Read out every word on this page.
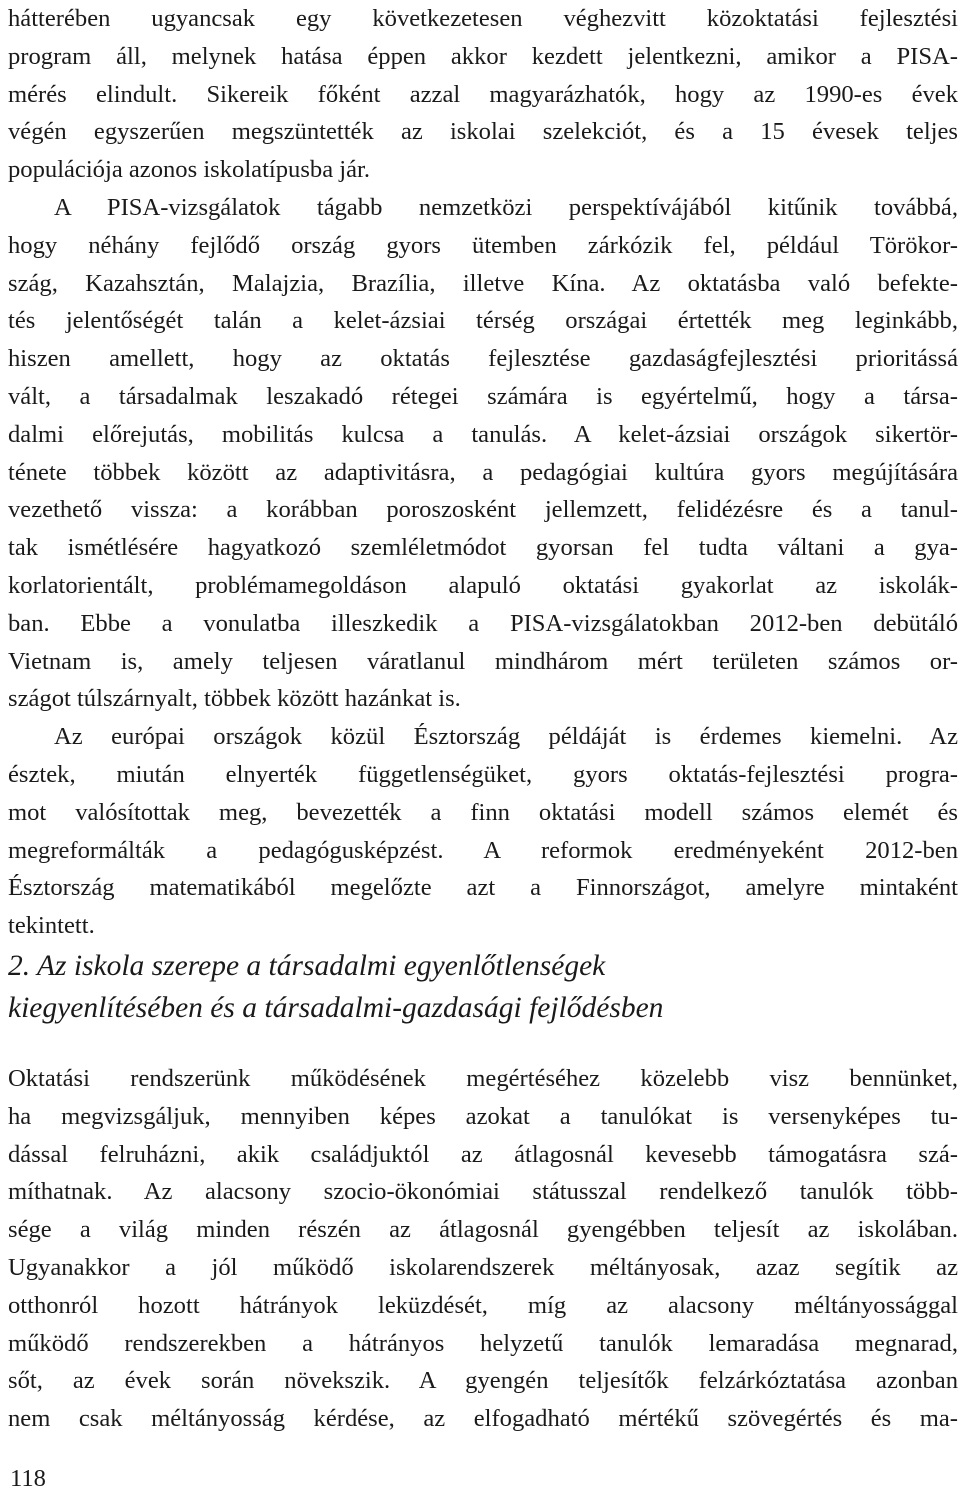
hátterében ugyancsak egy következetesen véghezvitt közoktatási fejlesztési
program áll, melynek hatása éppen akkor kezdett jelentkezni, amikor a PISA-
mérés elindult. Sikereik főként azzal magyarázhatók, hogy az 1990-es évek
végén egyszerűen megszüntették az iskolai szelekciót, és a 15 évesek teljes
populációja azonos iskolatípusba jár.
A PISA-vizsgálatok tágabb nemzetközi perspektívájából kitűnik továbbá,
hogy néhány fejlődő ország gyors ütemben zárkózik fel, például Törökor-
szág, Kazahsztán, Malajzia, Brazília, illetve Kína. Az oktatásba való befekte-
tés jelentőségét talán a kelet-ázsiai térség országai értették meg leginkább,
hiszen amellett, hogy az oktatás fejlesztése gazdaságfejlesztési prioritássá
vált, a társadalmak leszakadó rétegei számára is egyértelmű, hogy a társa-
dalmi előrejutás, mobilitás kulcsa a tanulás. A kelet-ázsiai országok sikertör-
ténete többek között az adaptivitásra, a pedagógiai kultúra gyors megújítására
vezethető vissza: a korábban poroszosként jellemzett, felidézésre és a tanul-
tak ismétlésére hagyatkozó szemléletmódot gyorsan fel tudta váltani a gya-
korlatorientált, problémamegoldáson alapuló oktatási gyakorlat az iskolák-
ban. Ebbe a vonulatba illeszkedik a PISA-vizsgálatokban 2012-ben debütáló
Vietnam is, amely teljesen váratlanul mindhárom mért területen számos or-
szágot túlszárnyalt, többek között hazánkat is.
Az európai országok közül Észtország példáját is érdemes kiemelni. Az
észtek, miután elnyerték függetlenségüket, gyors oktatás-fejlesztési progra-
mot valósítottak meg, bevezették a finn oktatási modell számos elemét és
megreformálták a pedagógusképzést. A reformok eredményeként 2012-ben
Észtország matematikából megelőzte azt a Finnországot, amelyre mintaként
tekintett.
2. Az iskola szerepe a társadalmi egyenlőtlenségek
kiegyenlítésében és a társadalmi-gazdasági fejlődésben
Oktatási rendszerünk működésének megértéséhez közelebb visz bennünket,
ha megvizsgáljuk, mennyiben képes azokat a tanulókat is versenyképes tu-
dással felruházni, akik családjuktól az átlagosnál kevesebb támogatásra szá-
míthatnak. Az alacsony szocio-ökonómiai státusszal rendelkező tanulók több-
sége a világ minden részén az átlagosnál gyengébben teljesít az iskolában.
Ugyanakkor a jól működő iskolarendszerek méltányosak, azaz segítik az
otthonról hozott hátrányok leküzdését, míg az alacsony méltányossággal
működő rendszerekben a hátrányos helyzetű tanulók lemaradása megnarad,
sőt, az évek során növekszik. A gyengén teljesítők felzárkóztatása azonban
nem csak méltányosság kérdése, az elfogadható mértékű szövegértés és ma-
118
